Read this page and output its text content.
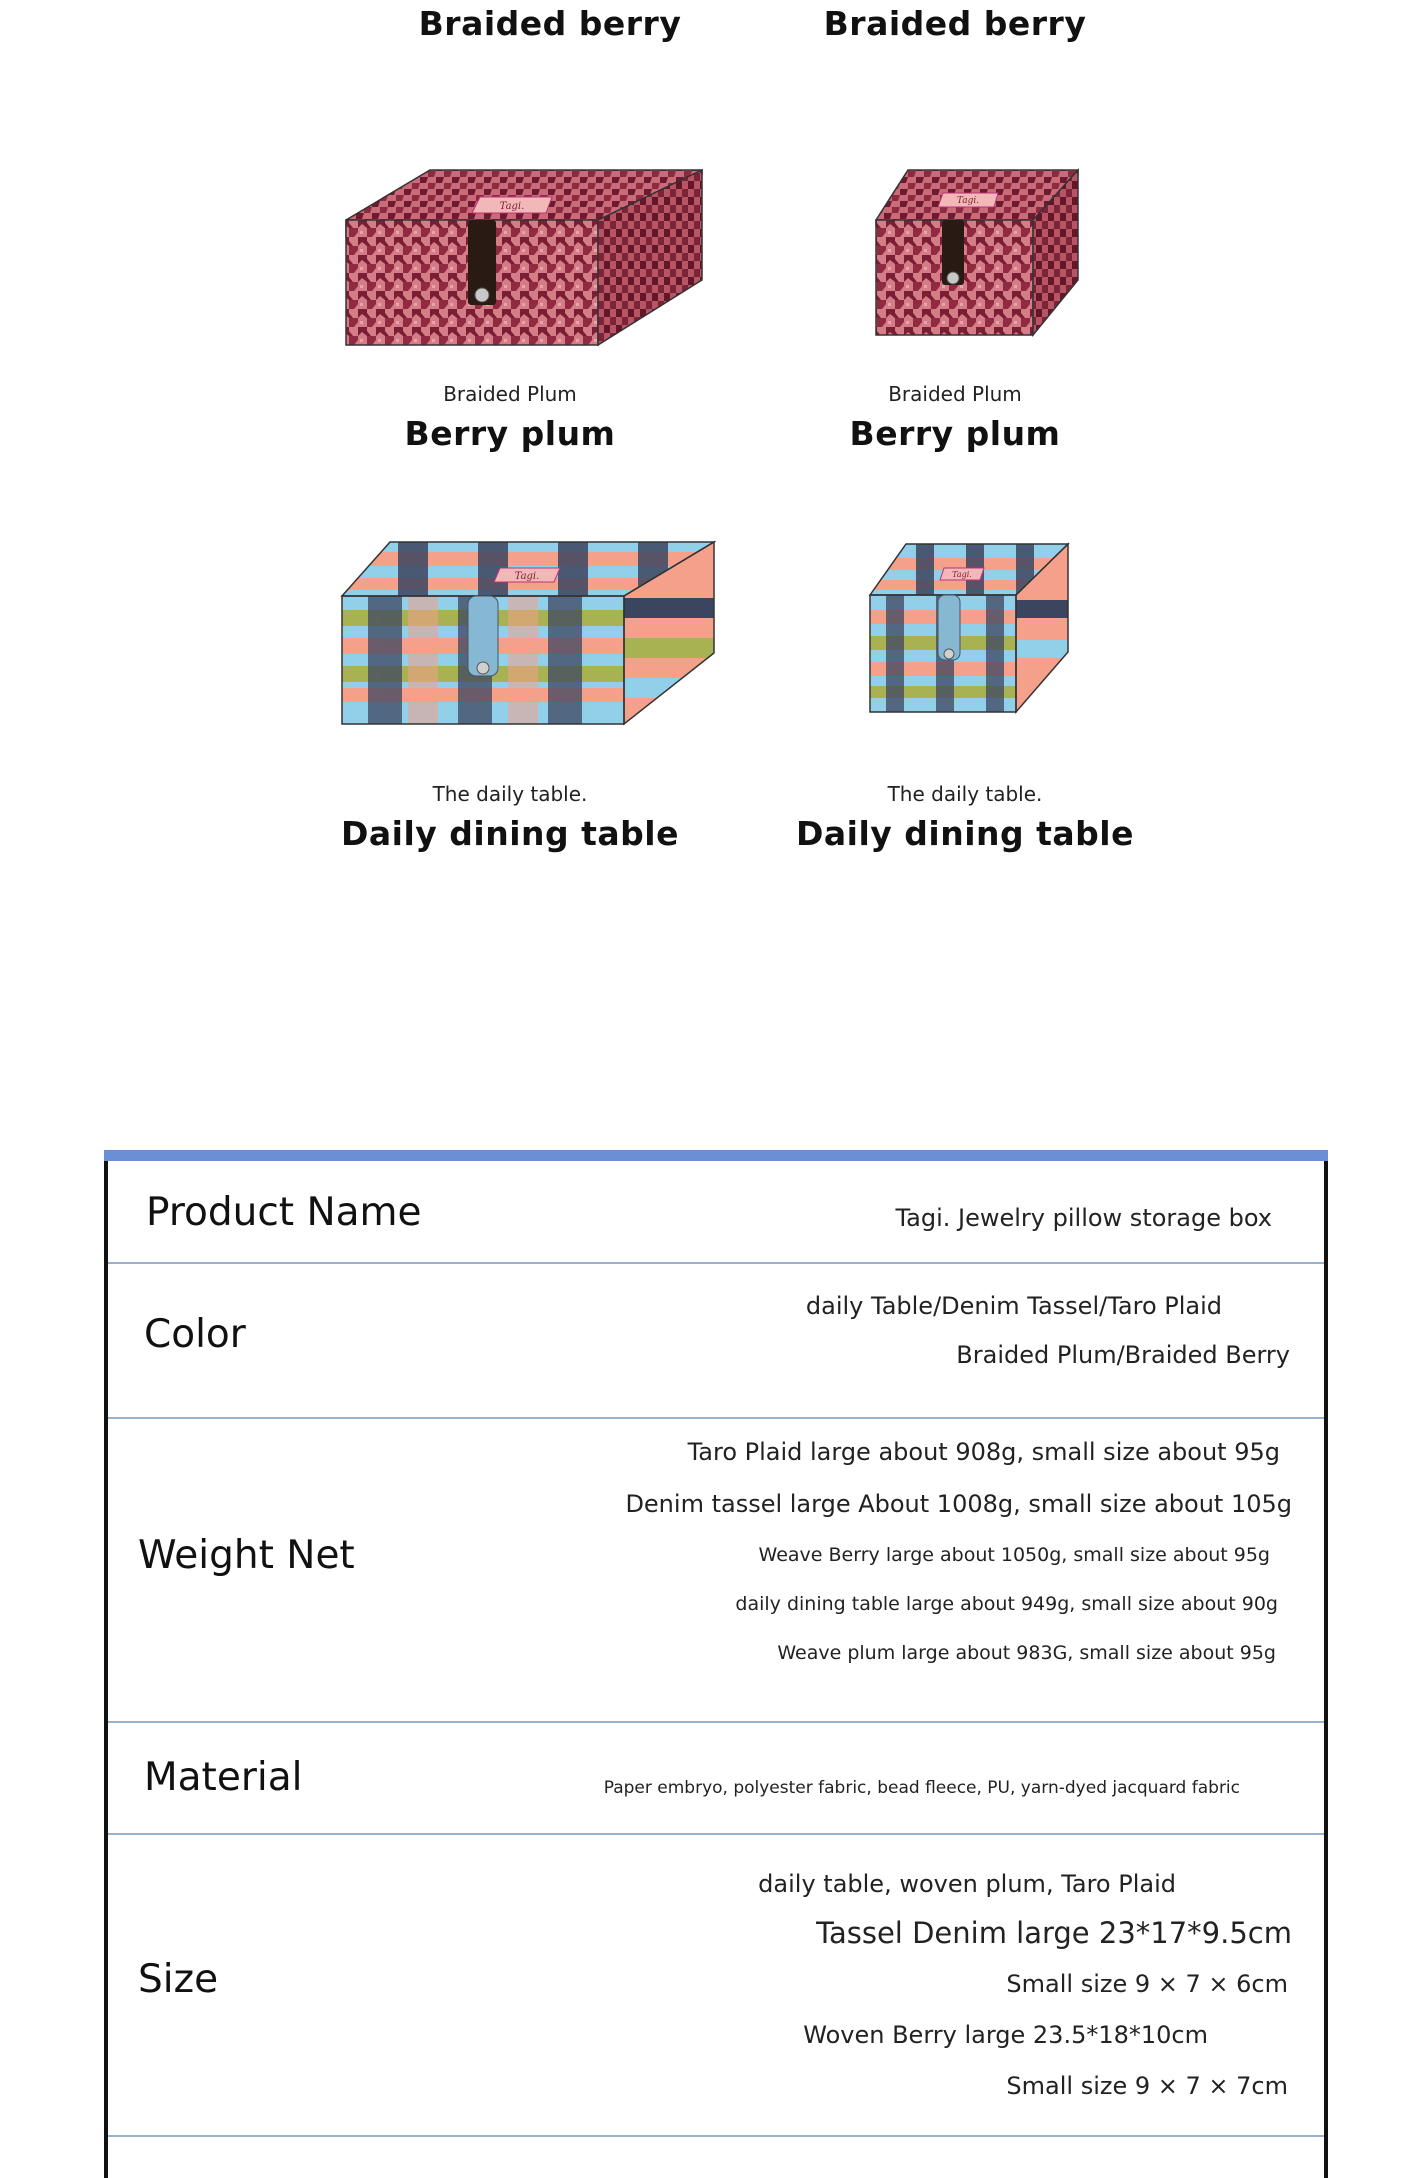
Braided berry
Tagi.
Braided Plum
Berry plum
Braided berry
Tagi.
Braided Plum
Berry plum
Tagi.
The daily table.
Daily dining table
Tagi.
The daily table.
Daily dining table
Product Name	Tagi. Jewelry pillow storage box
Color
daily Table/Denim Tassel/Taro Plaid
Braided Plum/Braided Berry
Weight Net
Taro Plaid large about 908g, small size about 95g
Denim tassel large About 1008g, small size about 105g
Weave Berry large about 1050g, small size about 95g
daily dining table large about 949g, small size about 90g
Weave plum large about 983G, small size about 95g
Material	Paper embryo, polyester fabric, bead fleece, PU, yarn-dyed jacquard fabric
Size
daily table, woven plum, Taro Plaid
Tassel Denim large 23*17*9.5cm
Small size 9 × 7 × 6cm
Woven Berry large 23.5*18*10cm
Small size 9 × 7 × 7cm
